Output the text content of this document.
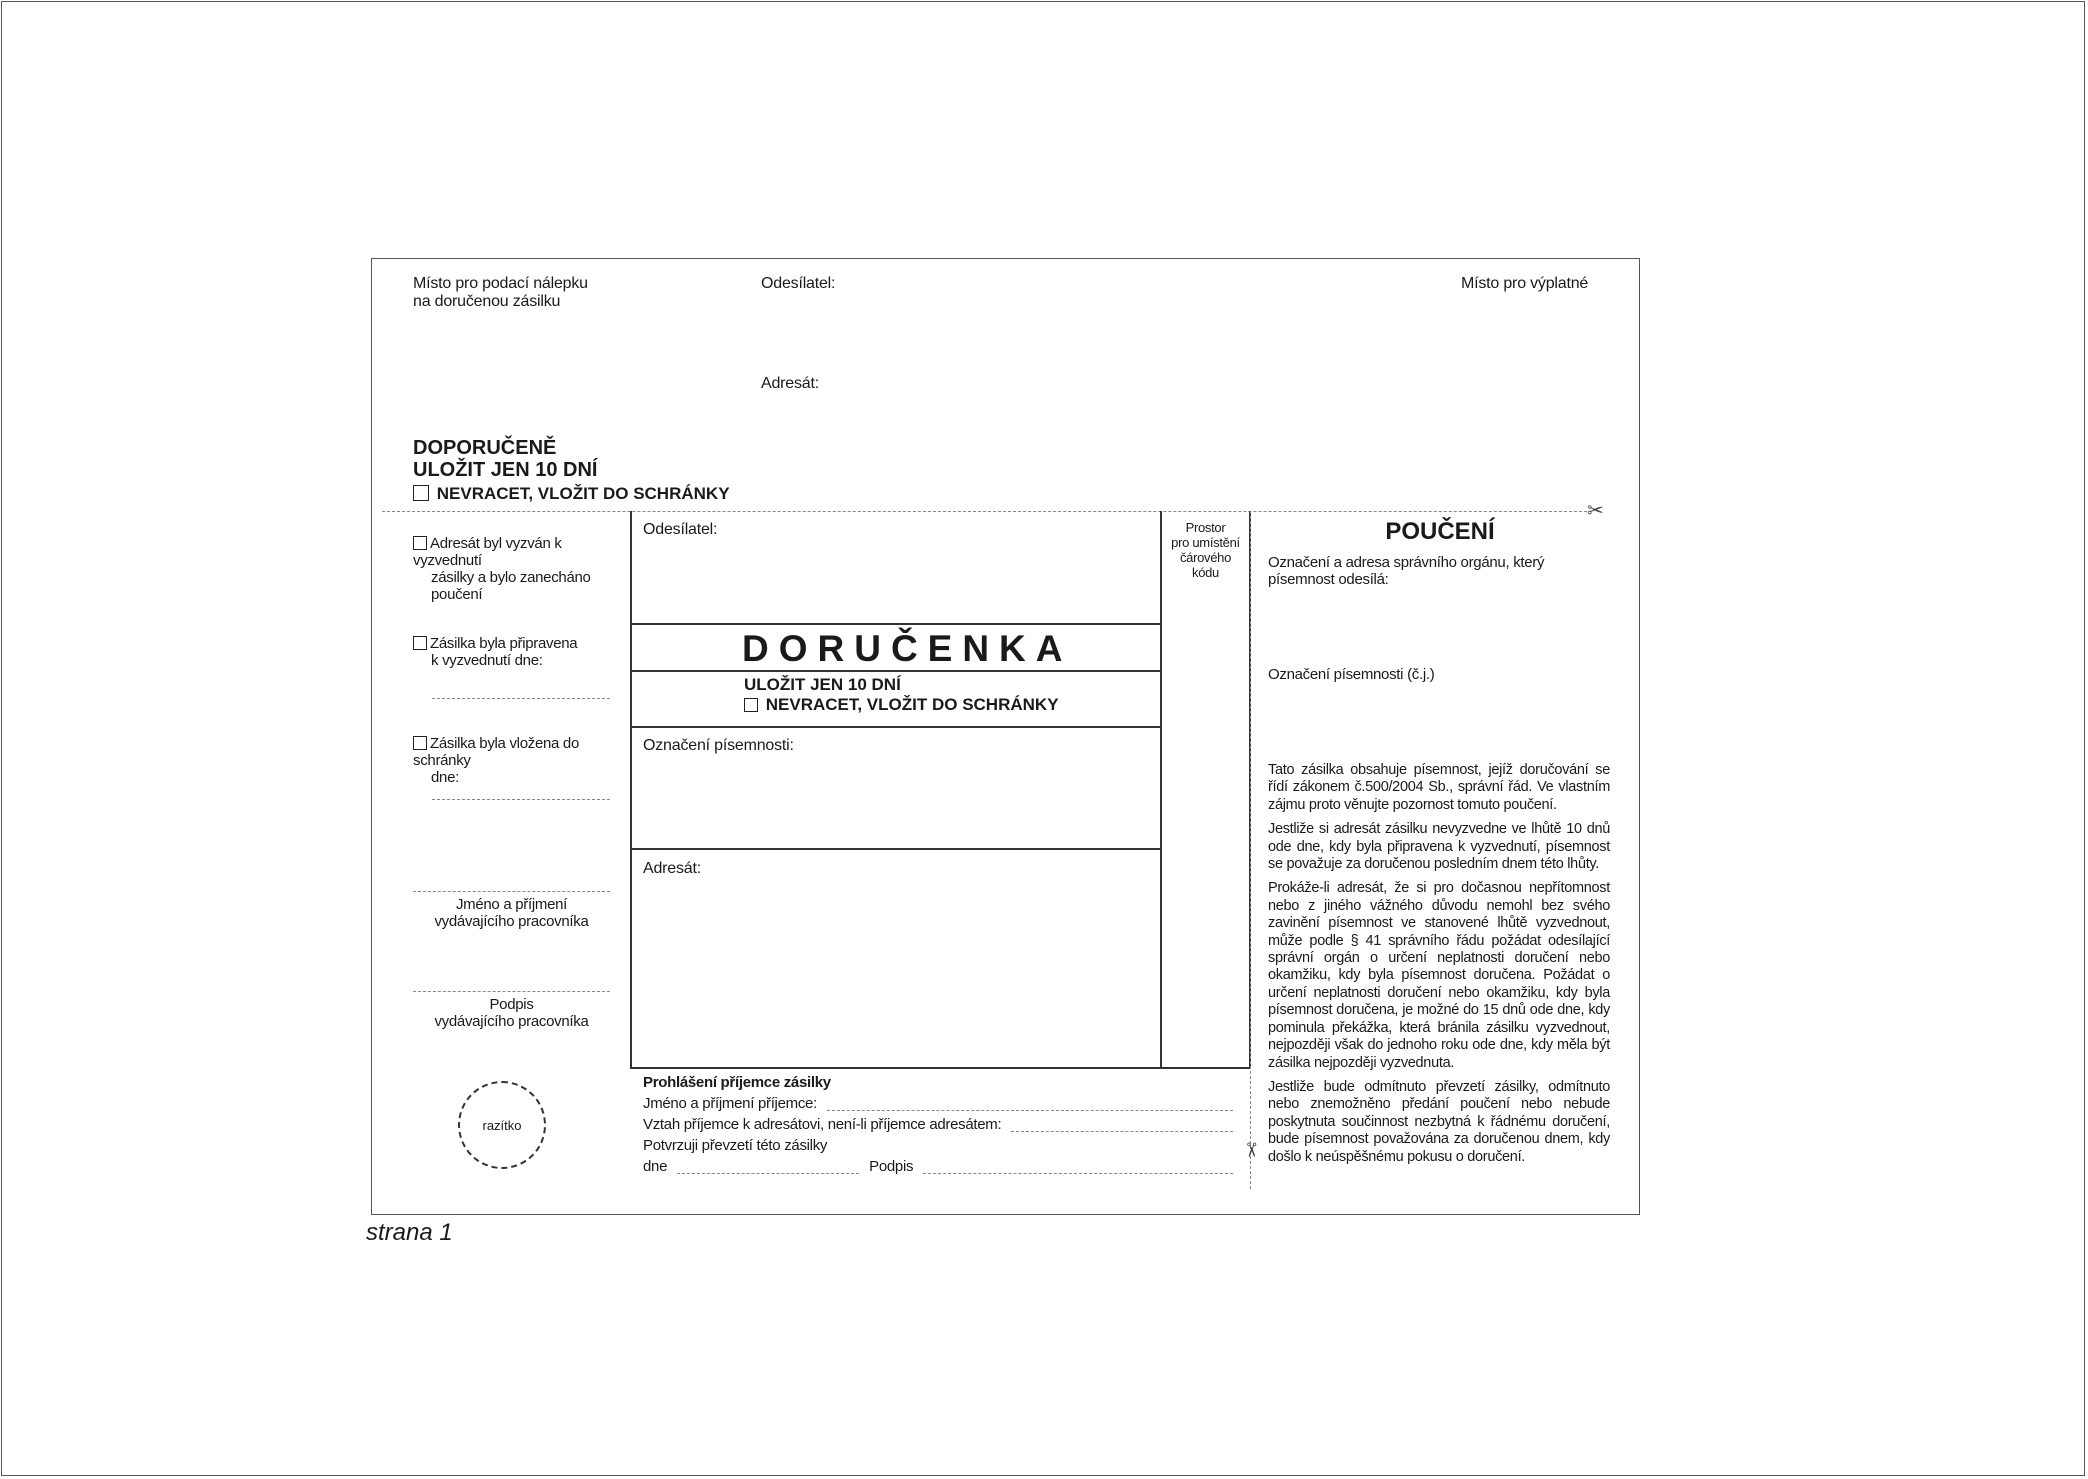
Místo pro podací nálepku
na doručenou zásilku
Odesílatel:	Místo pro výplatné
Adresát:
DOPORUČENĚ
ULOŽIT JEN 10 DNÍ
NEVRACET, VLOŽIT DO SCHRÁNKY
✂
Adresát byl vyzván k vyzvednutí
zásilky a bylo zanecháno poučení
Zásilka byla připravena
k vyzvednutí dne:
Zásilka byla vložena do schránky
dne:
Jméno a příjmení
vydávajícího pracovníka
Podpis
vydávajícího pracovníka
razítko
Odesílatel:
DORUČENKA
ULOŽIT JEN 10 DNÍ
NEVRACET, VLOŽIT DO SCHRÁNKY
Označení písemnosti:
Adresát:
Prostor
pro umístění
čárového
kódu
Prohlášení příjemce zásilky
Jméno a příjmení příjemce:
Vztah příjemce k adresátovi, není-li příjemce adresátem:
Potvrzuji převzetí této zásilky
dne	Podpis
✂
POUČENÍ
Označení a adresa správního orgánu, který písemnost odesílá:
Označení písemnosti (č.j.)

Tato zásilka obsahuje písemnost, jejíž doručování se řídí zákonem č.500/2004 Sb., správní řád. Ve vlastním zájmu proto věnujte pozornost tomuto poučení.

Jestliže si adresát zásilku nevyzvedne ve lhůtě 10 dnů ode dne, kdy byla připravena k vyzvednutí, písemnost se považuje za doručenou posledním dnem této lhůty.

Prokáže-li adresát, že si pro dočasnou nepřítomnost nebo z jiného vážného důvodu nemohl bez svého zavinění písemnost ve stanovené lhůtě vyzvednout, může podle § 41 správního řádu požádat odesílající správní orgán o určení neplatnosti doručení nebo okamžiku, kdy byla písemnost doručena. Požádat o určení neplatnosti doručení nebo okamžiku, kdy byla písemnost doručena, je možné do 15 dnů ode dne, kdy pominula překážka, která bránila zásilku vyzvednout, nejpozději však do jednoho roku ode dne, kdy měla být zásilka nejpozději vyzvednuta.

Jestliže bude odmítnuto převzetí zásilky, odmítnuto nebo znemožněno předání poučení nebo nebude poskytnuta součinnost nezbytná k řádnému doručení, bude písemnost považována za doručenou dnem, kdy došlo k neúspěšnému pokusu o doručení.

strana 1
